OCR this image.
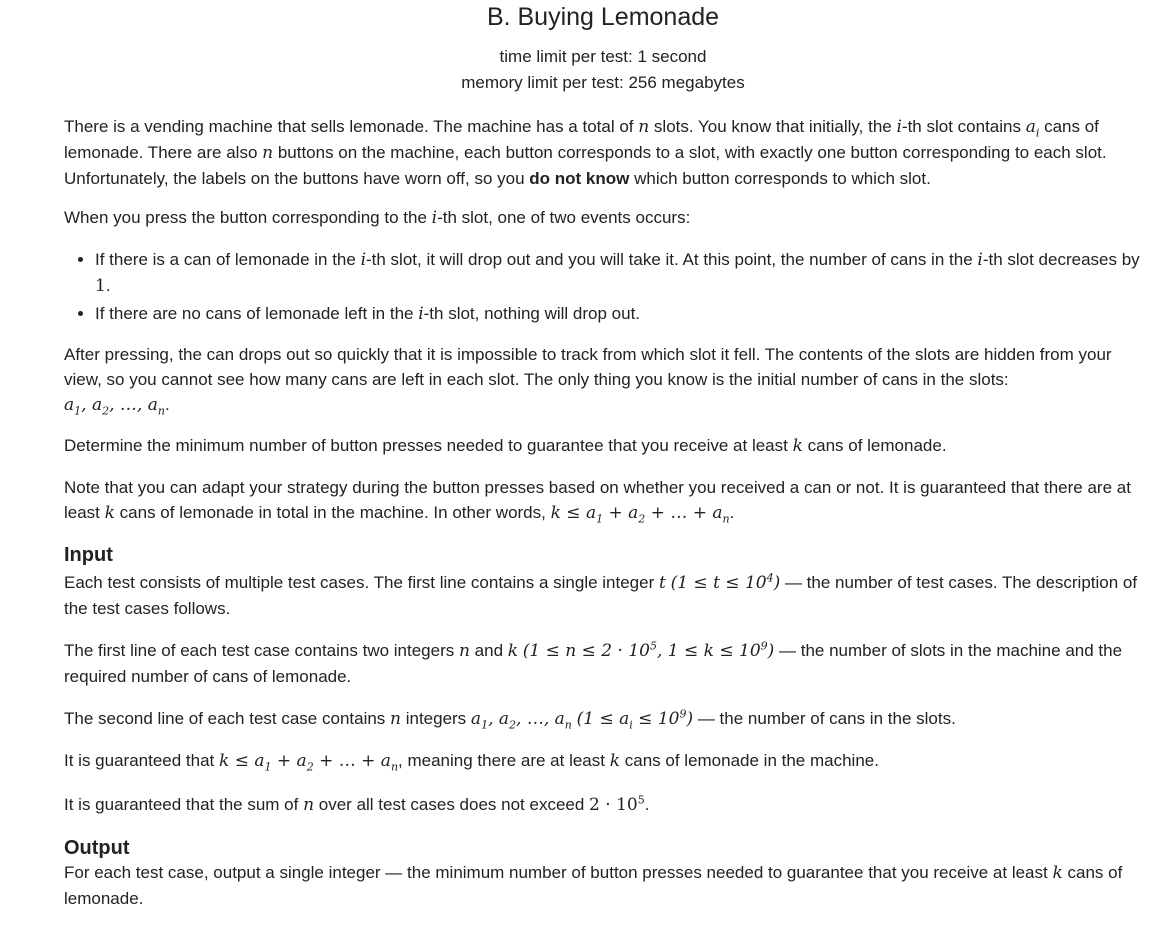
B. Buying Lemonade
time limit per test: 1 second
memory limit per test: 256 megabytes

There is a vending machine that sells lemonade. The machine has a total of n slots. You know that initially, the i-th slot contains $a_i$ cans of lemonade. There are also n buttons on the machine, each button corresponds to a slot, with exactly one button corresponding to each slot. Unfortunately, the labels on the buttons have worn off, so you do not know which button corresponds to which slot.

When you press the button corresponding to the i-th slot, one of two events occurs:

• If there is a can of lemonade in the i-th slot, it will drop out and you will take it. At this point, the number of cans in the i-th slot decreases by 1.
• If there are no cans of lemonade left in the i-th slot, nothing will drop out.

After pressing, the can drops out so quickly that it is impossible to track from which slot it fell. The contents of the slots are hidden from your view, so you cannot see how many cans are left in each slot. The only thing you know is the initial number of cans in the slots:
$a_1$, $a_2$, …, $a_n$.

Determine the minimum number of button presses needed to guarantee that you receive at least k cans of lemonade.

Note that you can adapt your strategy during the button presses based on whether you received a can or not. It is guaranteed that there are at least k cans of lemonade in total in the machine. In other words, $k \le a_1 + a_2$ + … + $a_n$.

Input

Each test consists of multiple test cases. The first line contains a single integer t $(1 \le t \le 10^4)$ — the number of test cases. The description of the test cases follows.

The first line of each test case contains two integers n and k ($1 \le n \le 2 \cdot 10^5$, $1 \le k \le 10^9$) — the number of slots in the machine and the required number of cans of lemonade.

The second line of each test case contains n integers $a_1$, $a_2$, …, $a_n$ $(1 \le a_i \le 10^9)$ — the number of cans in the slots.

It is guaranteed that $k \le a_1 + a_2$ + … + $a_n$, meaning there are at least k cans of lemonade in the machine.

It is guaranteed that the sum of n over all test cases does not exceed $2 \cdot 10^5$.

Output

For each test case, output a single integer — the minimum number of button presses needed to guarantee that you receive at least k cans of lemonade.
